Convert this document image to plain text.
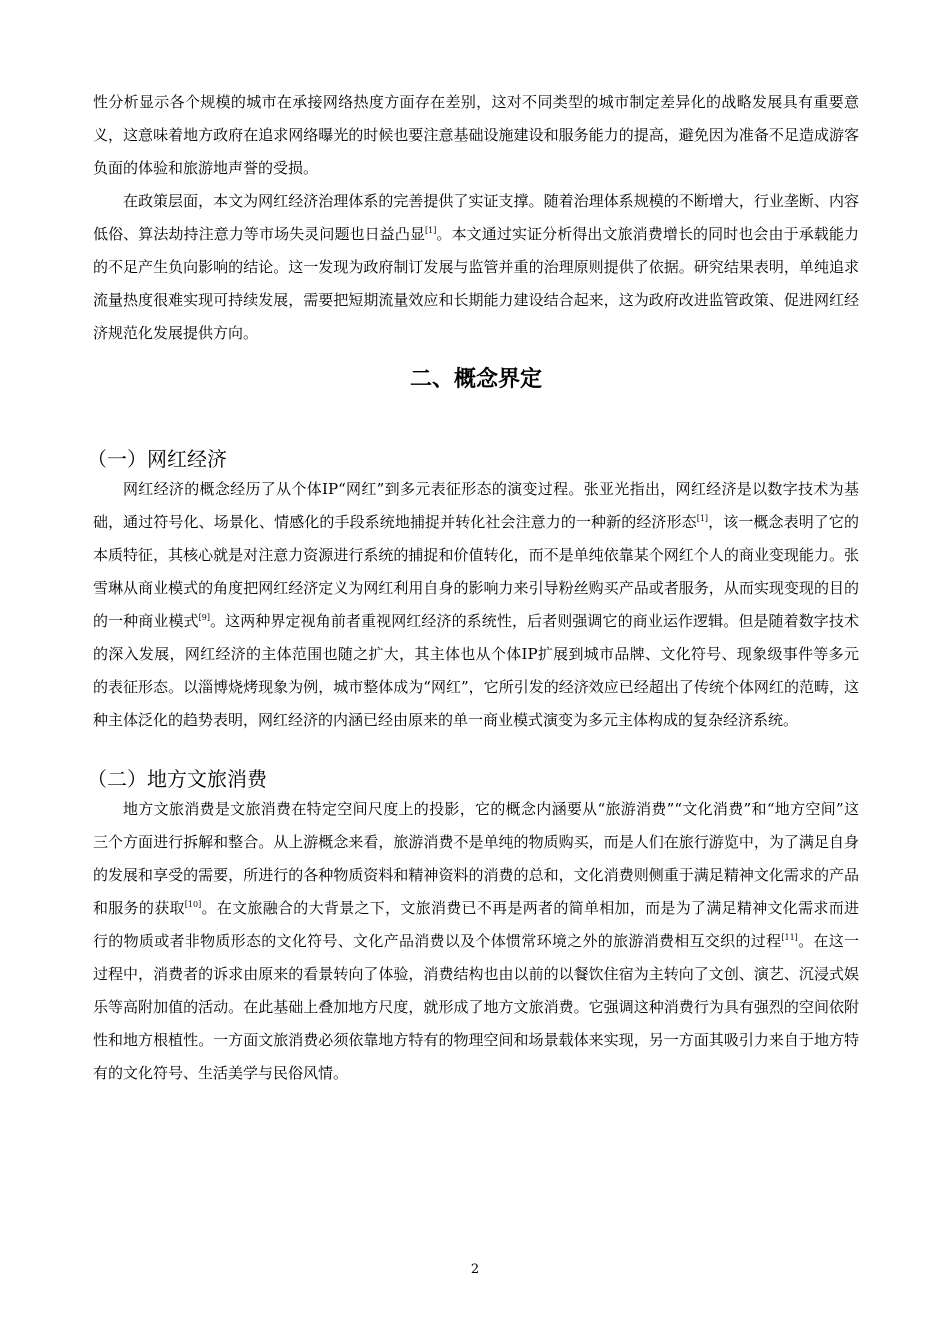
性分析显示各个规模的城市在承接网络热度方面存在差别，这对不同类型的城市制定差异化的战略发展具有重要意义，这意味着地方政府在追求网络曝光的时候也要注意基础设施建设和服务能力的提高，避免因为准备不足造成游客负面的体验和旅游地声誉的受损。

在政策层面，本文为网红经济治理体系的完善提供了实证支撑。随着治理体系规模的不断增大，行业垄断、内容低俗、算法劫持注意力等市场失灵问题也日益凸显[1]。本文通过实证分析得出文旅消费增长的同时也会由于承载能力的不足产生负向影响的结论。这一发现为政府制订发展与监管并重的治理原则提供了依据。研究结果表明，单纯追求流量热度很难实现可持续发展，需要把短期流量效应和长期能力建设结合起来，这为政府改进监管政策、促进网红经济规范化发展提供方向。

二、概念界定
（一）网红经济

网红经济的概念经历了从个体IP“网红”到多元表征形态的演变过程。张亚光指出，网红经济是以数字技术为基础，通过符号化、场景化、情感化的手段系统地捕捉并转化社会注意力的一种新的经济形态[1]，该一概念表明了它的本质特征，其核心就是对注意力资源进行系统的捕捉和价值转化，而不是单纯依靠某个网红个人的商业变现能力。张雪琳从商业模式的角度把网红经济定义为网红利用自身的影响力来引导粉丝购买产品或者服务，从而实现变现的目的的一种商业模式[9]。这两种界定视角前者重视网红经济的系统性，后者则强调它的商业运作逻辑。但是随着数字技术的深入发展，网红经济的主体范围也随之扩大，其主体也从个体IP扩展到城市品牌、文化符号、现象级事件等多元的表征形态。以淄博烧烤现象为例，城市整体成为“网红”，它所引发的经济效应已经超出了传统个体网红的范畴，这种主体泛化的趋势表明，网红经济的内涵已经由原来的单一商业模式演变为多元主体构成的复杂经济系统。

（二）地方文旅消费

地方文旅消费是文旅消费在特定空间尺度上的投影，它的概念内涵要从“旅游消费”“文化消费”和“地方空间”这三个方面进行拆解和整合。从上游概念来看，旅游消费不是单纯的物质购买，而是人们在旅行游览中，为了满足自身的发展和享受的需要，所进行的各种物质资料和精神资料的消费的总和，文化消费则侧重于满足精神文化需求的产品和服务的获取[10]。在文旅融合的大背景之下，文旅消费已不再是两者的简单相加，而是为了满足精神文化需求而进行的物质或者非物质形态的文化符号、文化产品消费以及个体惯常环境之外的旅游消费相互交织的过程[11]。在这一过程中，消费者的诉求由原来的看景转向了体验，消费结构也由以前的以餐饮住宿为主转向了文创、演艺、沉浸式娱乐等高附加值的活动。在此基础上叠加地方尺度，就形成了地方文旅消费。它强调这种消费行为具有强烈的空间依附性和地方根植性。一方面文旅消费必须依靠地方特有的物理空间和场景载体来实现，另一方面其吸引力来自于地方特有的文化符号、生活美学与民俗风情。

2
